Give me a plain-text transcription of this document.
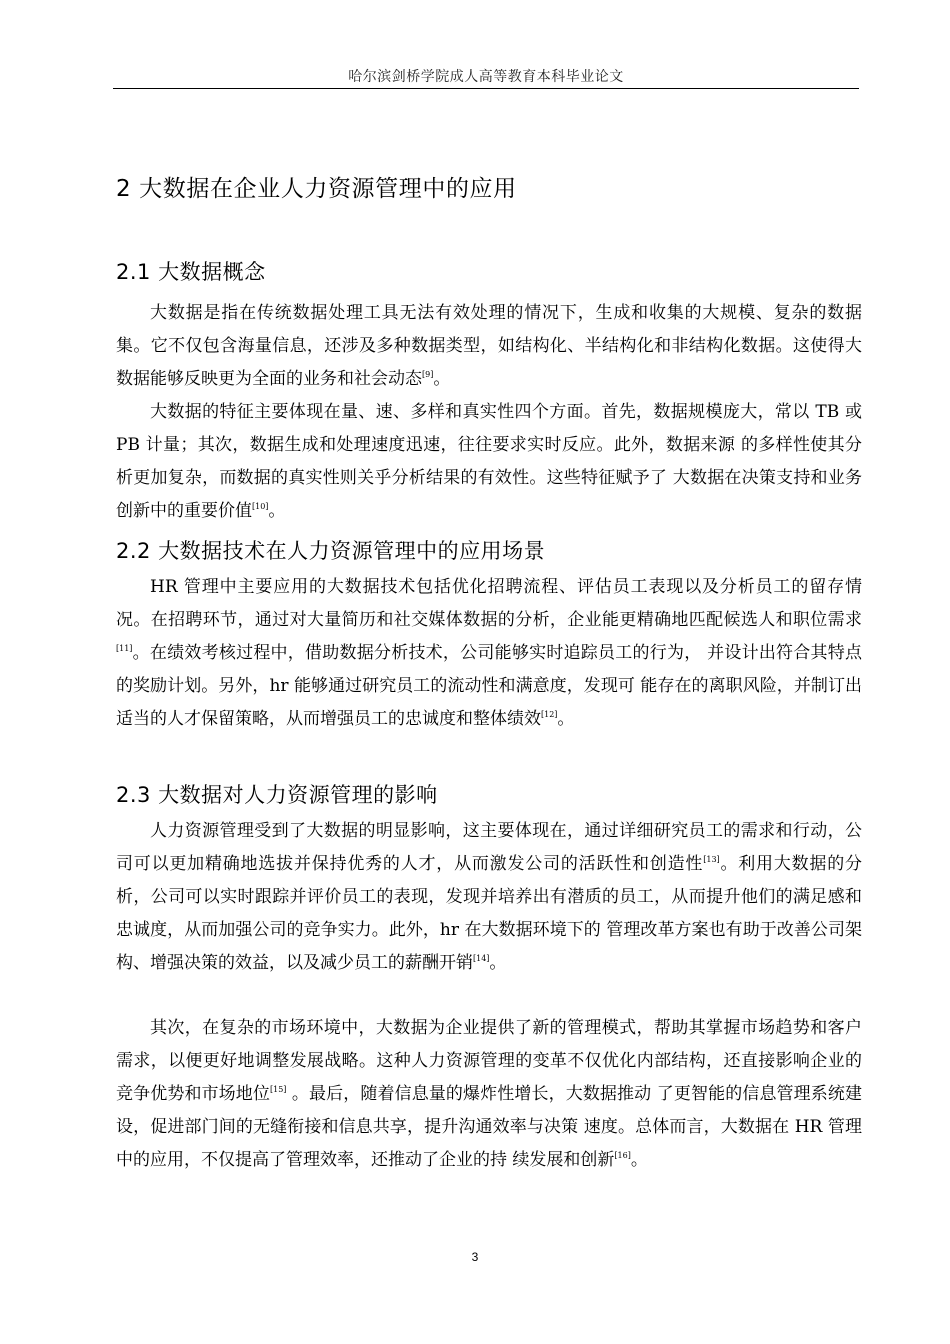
哈尔滨剑桥学院成人高等教育本科毕业论文
2 大数据在企业人力资源管理中的应用
2.1 大数据概念

大数据是指在传统数据处理工具无法有效处理的情况下，生成和收集的大规模、复杂的数据集。它不仅包含海量信息，还涉及多种数据类型，如结构化、半结构化和非结构化数据。这使得大数据能够反映更为全面的业务和社会动态[9]。

大数据的特征主要体现在量、速、多样和真实性四个方面。首先，数据规模庞大，常以 TB 或 PB 计量；其次，数据生成和处理速度迅速，往往要求实时反应。此外，数据来源 的多样性使其分析更加复杂，而数据的真实性则关乎分析结果的有效性。这些特征赋予了 大数据在决策支持和业务创新中的重要价值[10]。

2.2 大数据技术在人力资源管理中的应用场景

HR 管理中主要应用的大数据技术包括优化招聘流程、评估员工表现以及分析员工的留存情况。在招聘环节，通过对大量简历和社交媒体数据的分析，企业能更精确地匹配候选人和职位需求[11]。在绩效考核过程中，借助数据分析技术，公司能够实时追踪员工的行为， 并设计出符合其特点的奖励计划。另外，hr 能够通过研究员工的流动性和满意度，发现可 能存在的离职风险，并制订出适当的人才保留策略，从而增强员工的忠诚度和整体绩效[12]。

2.3 大数据对人力资源管理的影响

人力资源管理受到了大数据的明显影响，这主要体现在，通过详细研究员工的需求和行动，公司可以更加精确地选拔并保持优秀的人才，从而激发公司的活跃性和创造性[13]。利用大数据的分析，公司可以实时跟踪并评价员工的表现，发现并培养出有潜质的员工，从而提升他们的满足感和忠诚度，从而加强公司的竞争实力。此外，hr 在大数据环境下的 管理改革方案也有助于改善公司架构、增强决策的效益，以及减少员工的薪酬开销[14]。

其次，在复杂的市场环境中，大数据为企业提供了新的管理模式，帮助其掌握市场趋势和客户需求，以便更好地调整发展战略。这种人力资源管理的变革不仅优化内部结构，还直接影响企业的竞争优势和市场地位[15] 。最后，随着信息量的爆炸性增长，大数据推动 了更智能的信息管理系统建设，促进部门间的无缝衔接和信息共享，提升沟通效率与决策 速度。总体而言，大数据在 HR 管理中的应用，不仅提高了管理效率，还推动了企业的持 续发展和创新[16]。

3
